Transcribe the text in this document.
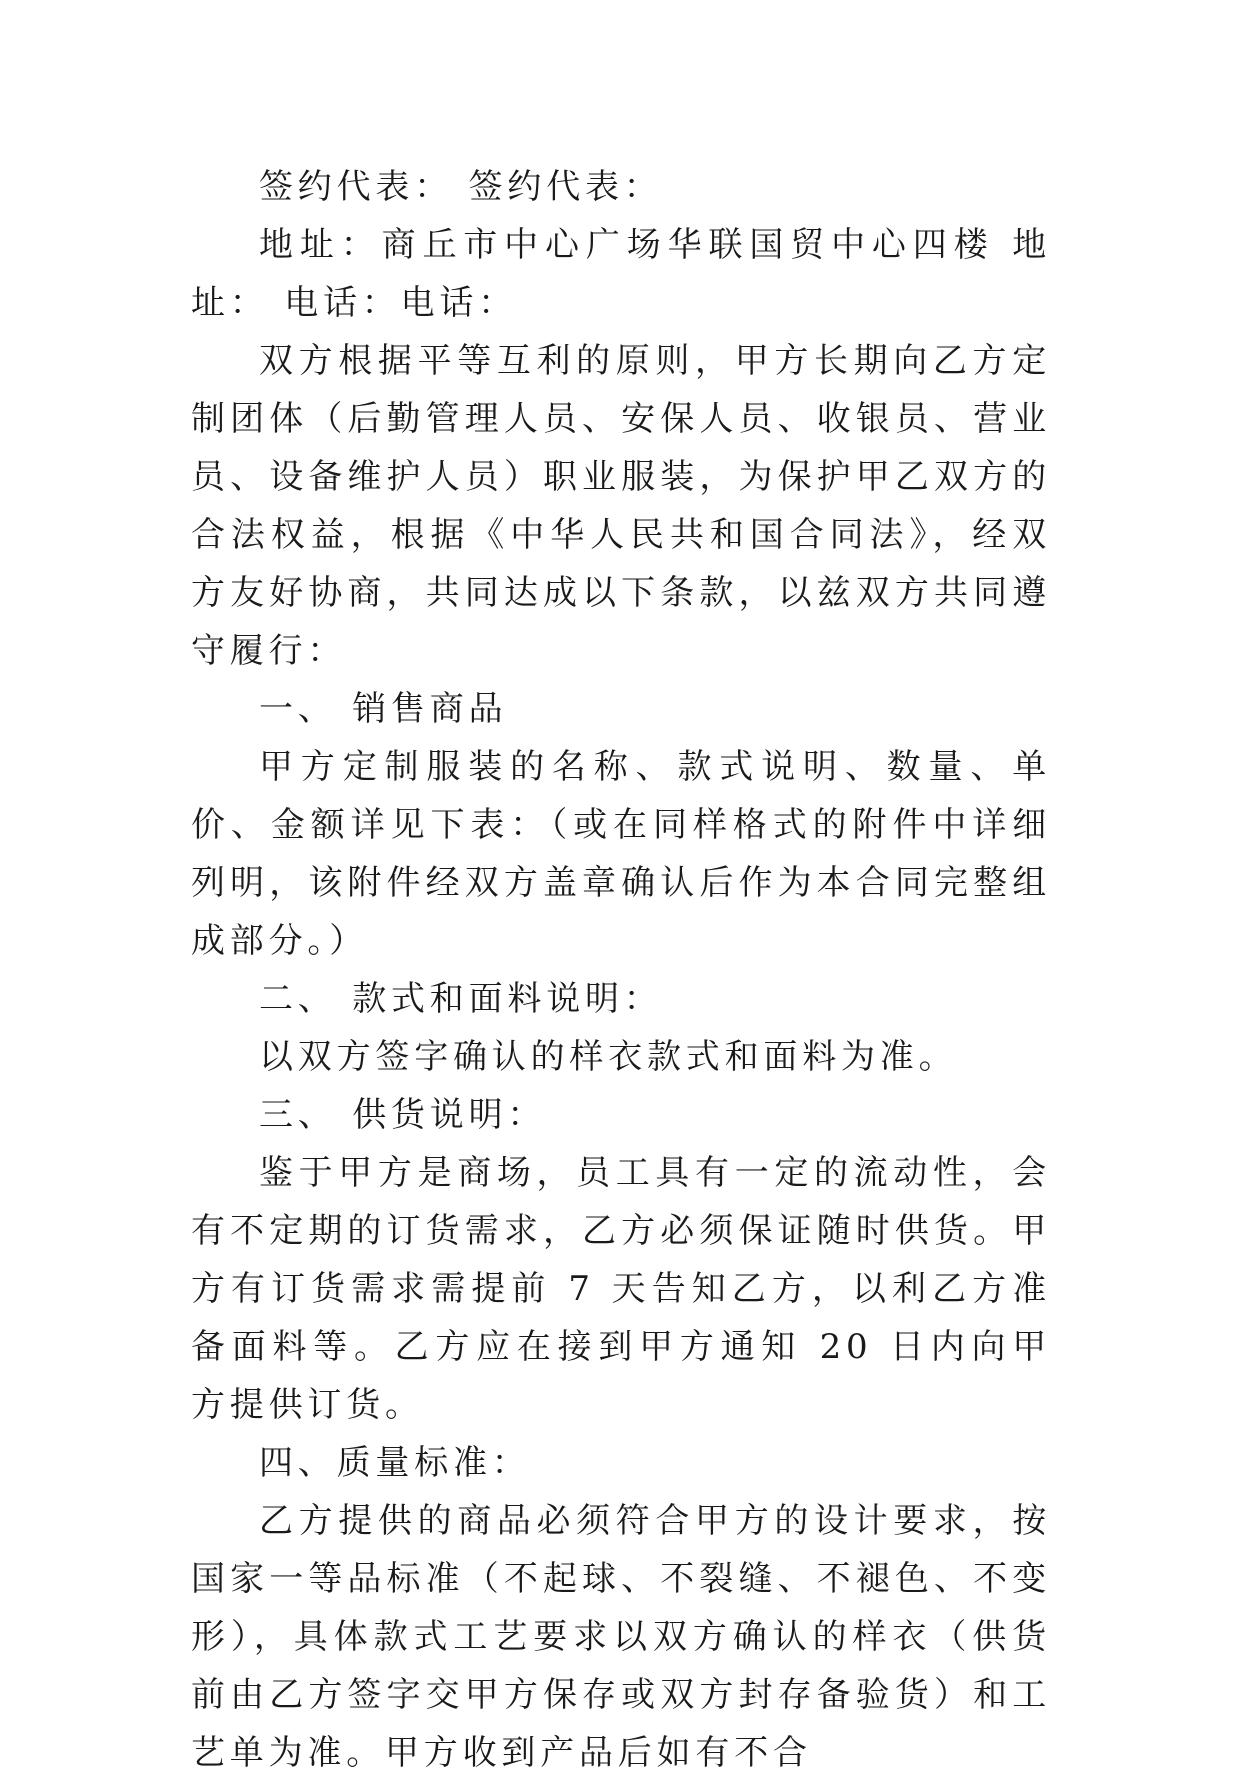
签约代表： 签约代表：

地址：商丘市中心广场华联国贸中心四楼 地址： 电话：电话：

双方根据平等互利的原则，甲方长期向乙方定制团体（后勤管理人员、安保人员、收银员、营业员、设备维护人员）职业服装，为保护甲乙双方的合法权益，根据《中华人民共和国合同法》，经双方友好协商，共同达成以下条款，以兹双方共同遵守履行：

一、 销售商品

甲方定制服装的名称、款式说明、数量、单价、金额详见下表：（或在同样格式的附件中详细列明，该附件经双方盖章确认后作为本合同完整组成部分。）

二、 款式和面料说明：

以双方签字确认的样衣款式和面料为准。

三、 供货说明：

鉴于甲方是商场，员工具有一定的流动性，会有不定期的订货需求，乙方必须保证随时供货。甲方有订货需求需提前 7 天告知乙方，以利乙方准备面料等。乙方应在接到甲方通知 20 日内向甲方提供订货。

四、质量标准：

乙方提供的商品必须符合甲方的设计要求，按国家一等品标准（不起球、不裂缝、不褪色、不变形），具体款式工艺要求以双方确认的样衣（供货前由乙方签字交甲方保存或双方封存备验货）和工艺单为准。甲方收到产品后如有不合
